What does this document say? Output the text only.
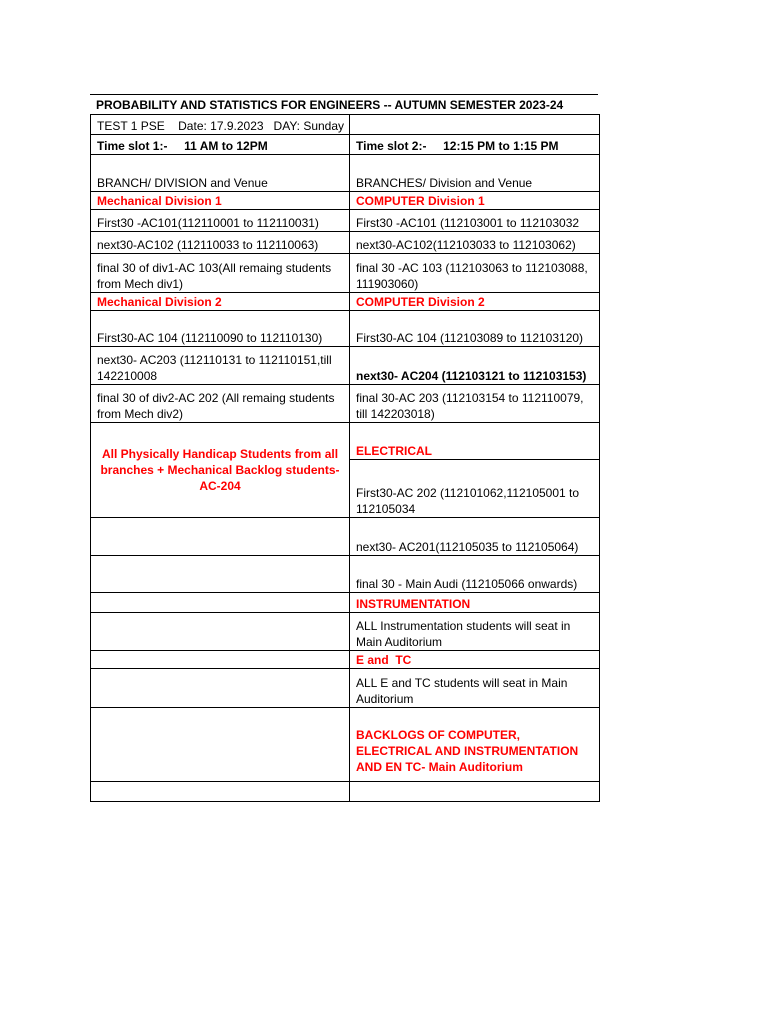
PROBABILITY AND STATISTICS FOR ENGINEERS -- AUTUMN SEMESTER 2023-24
TEST 1 PSE    Date: 17.9.2023   DAY: Sunday	
Time slot 1:-     11 AM to 12PM	Time slot 2:-     12:15 PM to 1:15 PM
BRANCH/ DIVISION and Venue	BRANCHES/ Division and Venue
Mechanical Division 1	COMPUTER Division 1
First30 -AC101(112110001 to 112110031)	First30 -AC101 (112103001 to 112103032
next30-AC102 (112110033 to 112110063)	next30-AC102(112103033 to 112103062)
final 30 of div1-AC 103(All remaing students from Mech div1)	final 30 -AC 103 (112103063 to 112103088, 111903060)
Mechanical Division 2	COMPUTER Division 2
First30-AC 104 (112110090 to 112110130)	First30-AC 104 (112103089 to 112103120)
next30- AC203 (112110131 to 112110151,till 142210008	next30- AC204 (112103121 to 112103153)
final 30 of div2-AC 202 (All remaing students from Mech div2)	final 30-AC 203 (112103154 to 112110079, till 142203018)
All Physically Handicap Students from all branches + Mechanical Backlog students-AC-204	ELECTRICAL
	First30-AC 202 (112101062,112105001 to 112105034
	next30- AC201(112105035 to 112105064)
	final 30 - Main Audi (112105066 onwards)
	INSTRUMENTATION
	ALL Instrumentation students will seat in Main Auditorium
	E and  TC
	ALL E and TC students will seat in Main Auditorium
	BACKLOGS OF COMPUTER, ELECTRICAL AND INSTRUMENTATION AND EN TC- Main Auditorium
